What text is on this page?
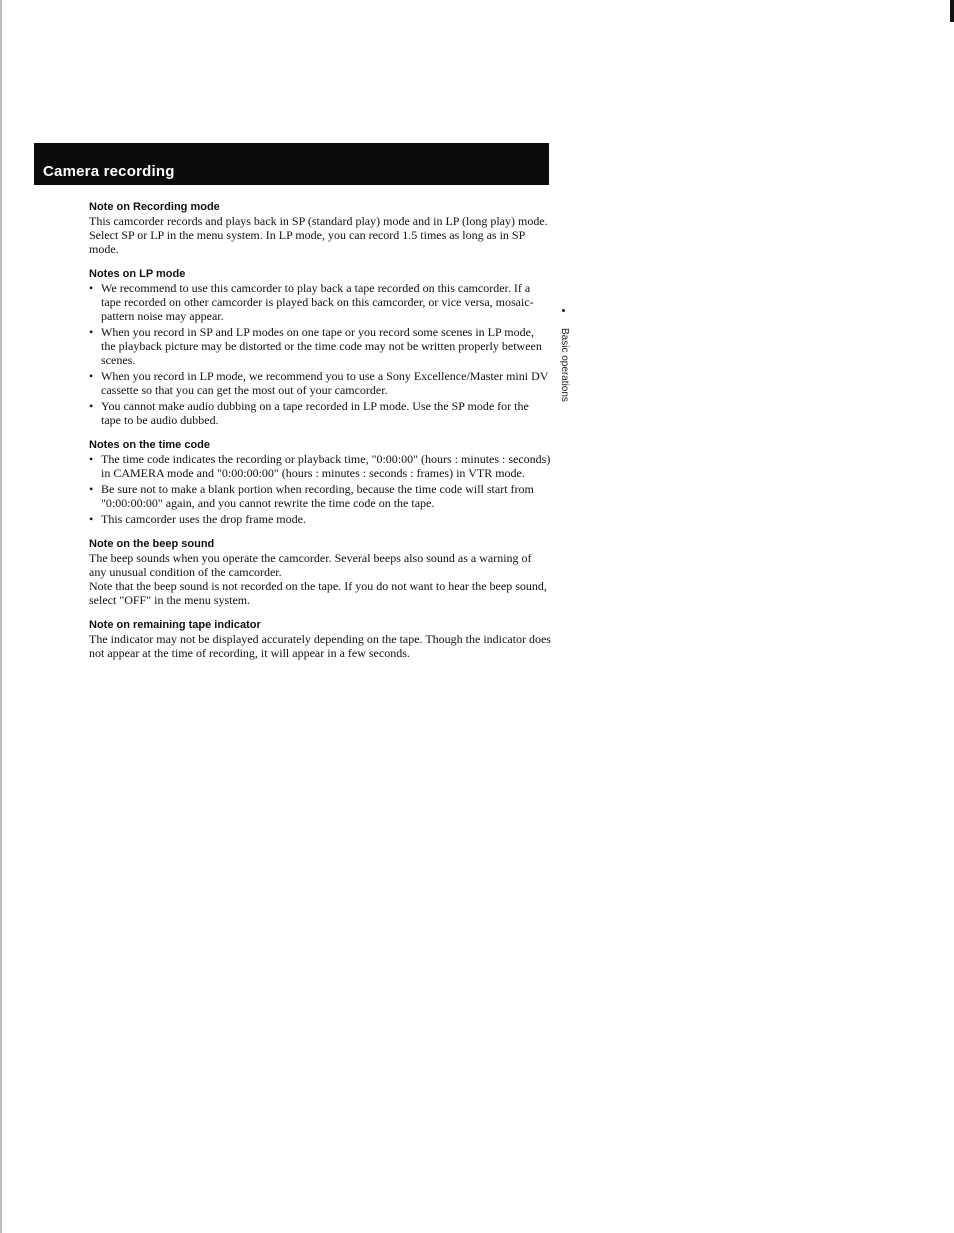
Camera recording
Basic operations
Note on Recording mode
This camcorder records and plays back in SP (standard play) mode and in LP (long play) mode. Select SP or LP in the menu system. In LP mode, you can record 1.5 times as long as in SP mode.
Notes on LP mode
• We recommend to use this camcorder to play back a tape recorded on this camcorder. If a tape recorded on other camcorder is played back on this camcorder, or vice versa, mosaic-pattern noise may appear.
• When you record in SP and LP modes on one tape or you record some scenes in LP mode, the playback picture may be distorted or the time code may not be written properly between scenes.
• When you record in LP mode, we recommend you to use a Sony Excellence/Master mini DV cassette so that you can get the most out of your camcorder.
• You cannot make audio dubbing on a tape recorded in LP mode. Use the SP mode for the tape to be audio dubbed.
Notes on the time code
• The time code indicates the recording or playback time, "0:00:00" (hours : minutes : seconds) in CAMERA mode and "0:00:00:00" (hours : minutes : seconds : frames) in VTR mode.
• Be sure not to make a blank portion when recording, because the time code will start from "0:00:00:00" again, and you cannot rewrite the time code on the tape.
• This camcorder uses the drop frame mode.
Note on the beep sound
The beep sounds when you operate the camcorder. Several beeps also sound as a warning of any unusual condition of the camcorder.
Note that the beep sound is not recorded on the tape. If you do not want to hear the beep sound, select "OFF" in the menu system.
Note on remaining tape indicator
The indicator may not be displayed accurately depending on the tape. Though the indicator does not appear at the time of recording, it will appear in a few seconds.
